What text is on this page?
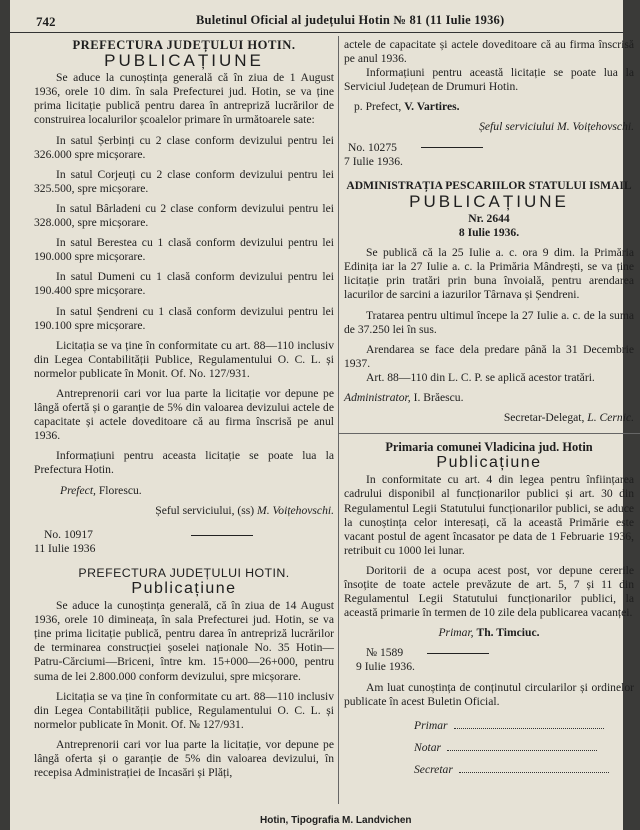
742	Buletinul Oficial al județului Hotin № 81 (11 Iulie 1936)

PREFECTURA JUDEȚULUI HOTIN.

PUBLICAȚIUNE

Se aduce la cunoștința generală că în ziua de 1 August 1936, orele 10 dim. în sala Prefecturei jud. Hotin, se va ține prima licitație publică pentru darea în antrepriză lucrărilor de construirea localurilor școalelor primare în următoarele sate:

In satul Șerbinți cu 2 clase conform devizului pentru lei 326.000 spre micșorare.

In satul Corjeuți cu 2 clase conform devizului pentru lei 325.500, spre micșorare.

In satul Bârladeni cu 2 clase conform devizului pentru lei 328.000, spre micșorare.

In satul Berestea cu 1 clasă conform devizului pentru lei 190.000 spre micșorare.

In satul Dumeni cu 1 clasă conform devizului pentru lei 190.400 spre micșorare.

In satul Șendreni cu 1 clasă conform devizului pentru lei 190.100 spre micșorare.

Licitația se va ține în conformitate cu art. 88—110 inclusiv din Legea Contabilității Publice, Regulamentului O. C. L. și normelor publicate în Monit. Of. No. 127/931.

Antreprenorii cari vor lua parte la licitație vor depune pe lângă ofertă și o garanție de 5% din valoarea devizului actele de capacitate și actele doveditoare că au firma înscrisă pe anul 1936.

Informațiuni pentru aceasta licitație se poate lua la Prefectura Hotin.

Prefect, Florescu.

Șeful serviciului, (ss) M. Voițehovschi.

No. 10917

11 Iulie 1936

PREFECTURA JUDEȚULUI HOTIN.

Publicațiune

Se aduce la cunoștința generală, că în ziua de 14 August 1936, orele 10 dimineața, în sala Prefecturei jud. Hotin, se va ține prima licitație publică, pentru darea în antrepriză lucrărilor de terminarea construcției șoselei naționale No. 35 Hotin—Patru-Cărciumi—Briceni, între km. 15+000—26+000, pentru suma de lei 2.800.000 conform devizului, spre micșorare.

Licitația se va ține în conformitate cu art. 88—110 inclusiv din Legea Contabilității publice, Regulamentului O. C. L. și normelor publicate în Monit. Of. № 127/931.

Antreprenorii cari vor lua parte la licitație, vor depune pe lângă oferta și o garanție de 5% din valoarea devizului, în recepisa Administrației de Incasări și Plăți,

actele de capacitate și actele doveditoare că au firma înscrisă pe anul 1936.

Informațiuni pentru această licitație se poate lua la Serviciul Județean de Drumuri Hotin.

p. Prefect, V. Vartires.

Șeful serviciului M. Voițehovschi.

No. 10275

7 Iulie 1936.

ADMINISTRAȚIA PESCARIILOR STATULUI ISMAIL

PUBLICAȚIUNE

Nr. 2644

8 Iulie 1936.

Se publică că la 25 Iulie a. c. ora 9 dim. la Primăria Edinița iar la 27 Iulie a. c. la Primăria Mândrești, se va ține licitație prin tratări prin buna învoială, pentru arendarea lacurilor de sarcini a iazurilor Târnava și Șendreni.

Tratarea pentru ultimul începe la 27 Iulie a. c. de la suma de 37.250 lei în sus.

Arendarea se face dela predare până la 31 Decembrie 1937.

Art. 88—110 din L. C. P. se aplică acestor tratări.

Administrator, I. Brăescu.

Secretar-Delegat, L. Cernic.

Primaria comunei Vladicina jud. Hotin

Publicațiune

In conformitate cu art. 4 din legea pentru înființarea cadrului disponibil al funcționarilor publici și art. 30 din Regulamentul Legii Statutului funcționarilor publici, se aduce la cunoștința celor interesați, că la această Primărie este vacant postul de agent încasator pe data de 1 Februarie 1936, retribuit cu 1000 lei lunar.

Doritorii de a ocupa acest post, vor depune cererile însoțite de toate actele prevăzute de art. 5, 7 și 11 din Regulamentul Legii Statutului funcționarilor publici, la această primarie în termen de 10 zile dela publicarea vacanței.

Primar, Th. Timciuc.

№ 1589

9 Iulie 1936.

Am luat cunoștința de conținutul circularilor și ordinelor publicate în acest Buletin Oficial.

Primar

Notar

Secretar

Hotin, Tipografia M. Landvichen
